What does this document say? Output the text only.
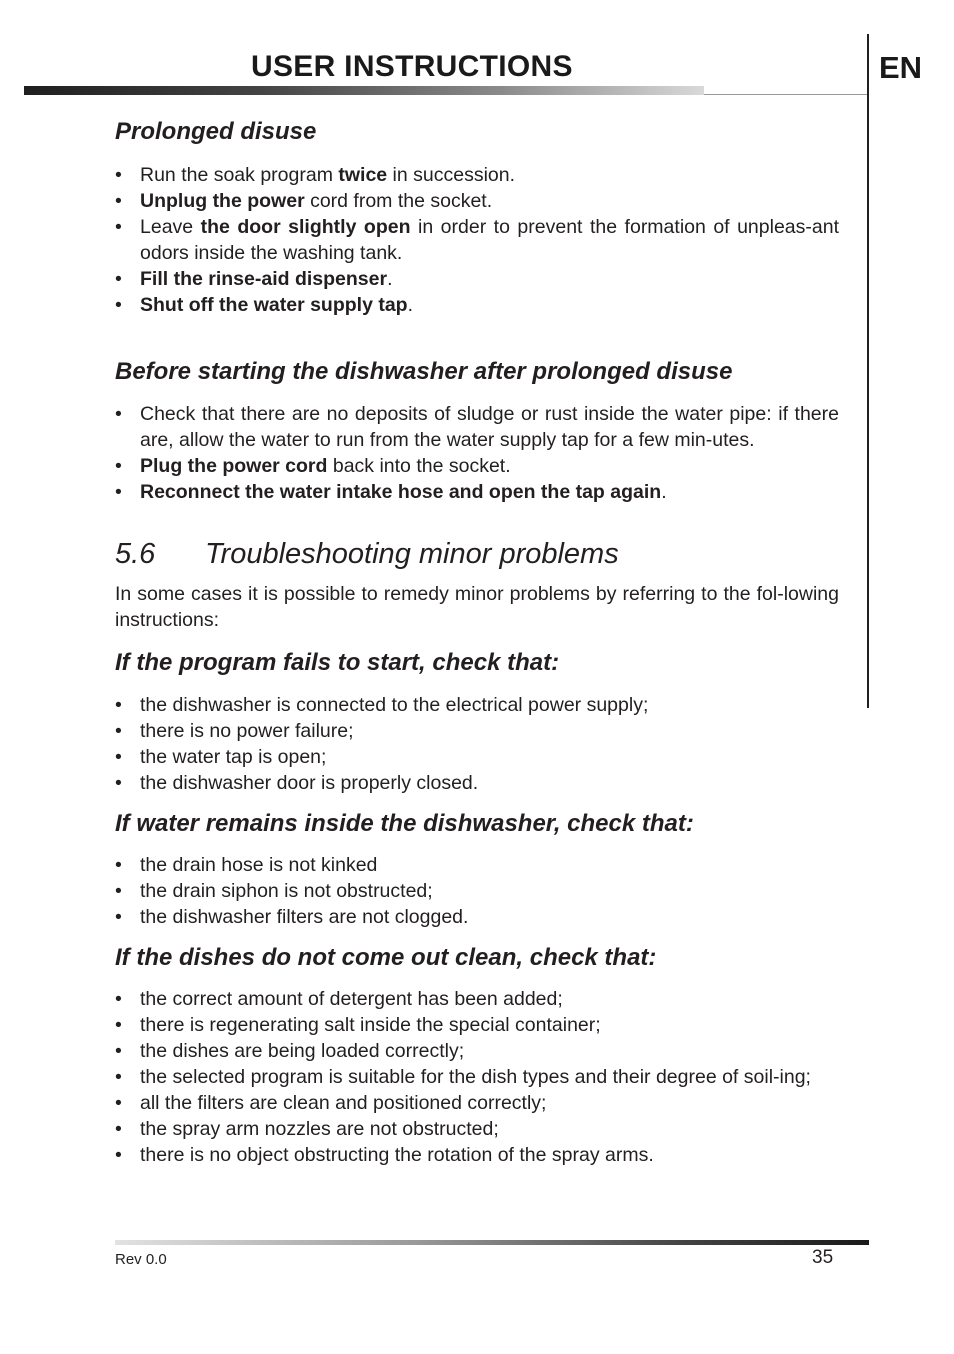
USER INSTRUCTIONS	EN
Prolonged disuse
• Run the soak program twice in succession.
• Unplug the power cord from the socket.
• Leave the door slightly open in order to prevent the formation of unpleas-ant odors inside the washing tank.
• Fill the rinse-aid dispenser.
• Shut off the water supply tap.
Before starting the dishwasher after prolonged disuse
• Check that there are no deposits of sludge or rust inside the water pipe: if there are, allow the water to run from the water supply tap for a few min-utes.
• Plug the power cord back into the socket.
• Reconnect the water intake hose and open the tap again.
5.6 Troubleshooting minor problems

In some cases it is possible to remedy minor problems by referring to the fol-lowing instructions:

If the program fails to start, check that:
• the dishwasher is connected to the electrical power supply;
• there is no power failure;
• the water tap is open;
• the dishwasher door is properly closed.
If water remains inside the dishwasher, check that:
• the drain hose is not kinked
• the drain siphon is not obstructed;
• the dishwasher filters are not clogged.
If the dishes do not come out clean, check that:
• the correct amount of detergent has been added;
• there is regenerating salt inside the special container;
• the dishes are being loaded correctly;
• the selected program is suitable for the dish types and their degree of soil-ing;
• all the filters are clean and positioned correctly;
• the spray arm nozzles are not obstructed;
• there is no object obstructing the rotation of the spray arms.
Rev 0.0	35
